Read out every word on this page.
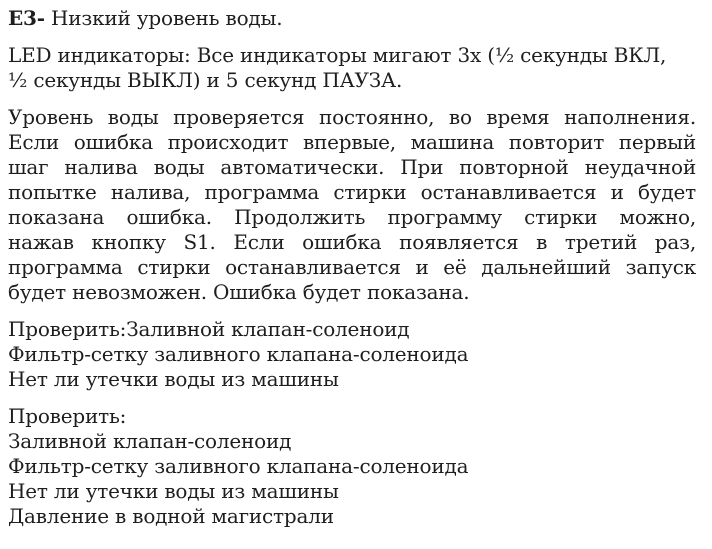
E3- Низкий уровень воды.
LED индикаторы: Все индикаторы мигают 3х (½ секунды ВКЛ,
½ секунды ВЫКЛ) и 5 секунд ПАУЗА.
Уровень воды проверяется постоянно, во время наполнения.
Если ошибка происходит впервые, машина повторит первый
шаг налива воды автоматически. При повторной неудачной
попытке налива, программа стирки останавливается и будет
показана ошибка. Продолжить программу стирки можно,
нажав кнопку S1. Если ошибка появляется в третий раз,
программа стирки останавливается и её дальнейший запуск
будет невозможен. Ошибка будет показана.
Проверить:Заливной клапан-соленоид
Фильтр-сетку заливного клапана-соленоида
Нет ли утечки воды из машины
Проверить:
Заливной клапан-соленоид
Фильтр-сетку заливного клапана-соленоида
Нет ли утечки воды из машины
Давление в водной магистрали
